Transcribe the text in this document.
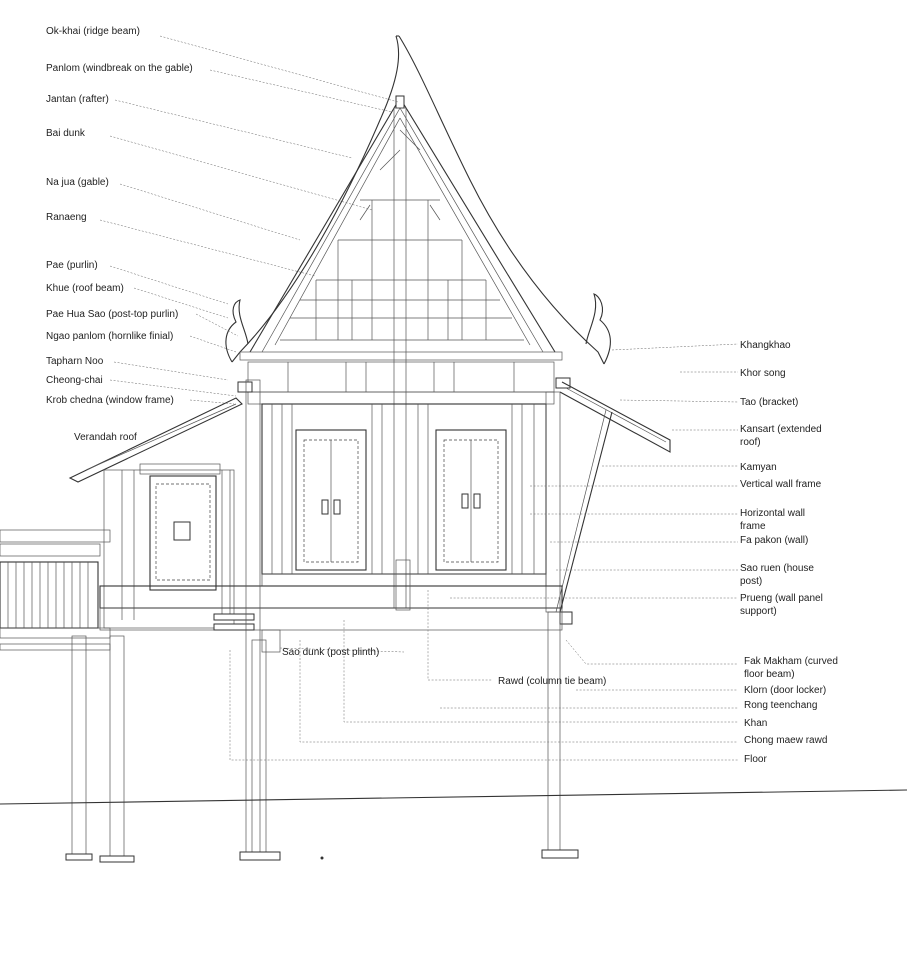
Ok-khai (ridge beam)
Panlom (windbreak on the gable)
Jantan (rafter)
Bai dunk
Na jua (gable)
Ranaeng
Pae (purlin)
Khue (roof beam)
Pae Hua Sao (post-top purlin)
Ngao panlom (hornlike finial)
Tapharn Noo
Cheong-chai
Krob chedna (window frame)
Verandah roof
Khangkhao
Khor song
Tao (bracket)
Kansart (extended
roof)
Kamyan
Vertical wall frame
Horizontal wall
frame
Fa pakon (wall)
Sao ruen (house
post)
Prueng (wall panel
support)
Fak Makham (curved
floor beam)
Klorn (door locker)
Rong teenchang
Khan
Chong maew rawd
Floor
Sao dunk (post plinth)
Rawd (column tie beam)
